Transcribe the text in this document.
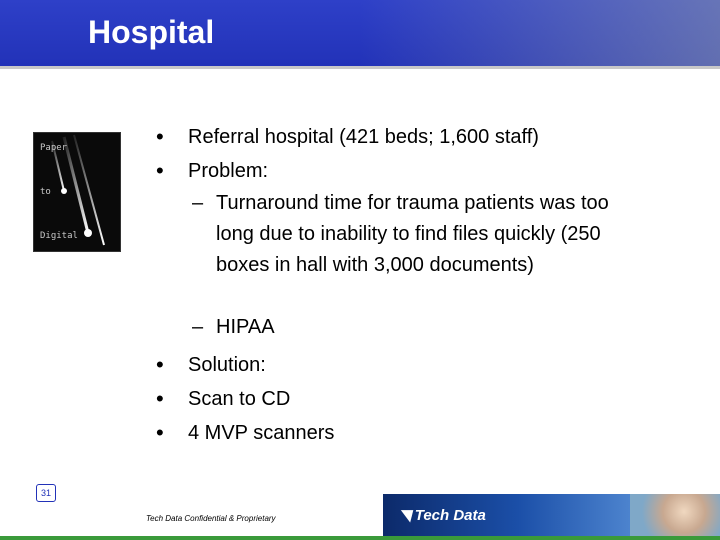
Hospital
Paper
to
Digital
• Referral hospital (421 beds; 1,600 staff)
• Problem:
– Turnaround time for trauma patients was too long due to inability to find files quickly (250 boxes in hall with 3,000 documents)
– HIPAA
• Solution:
• Scan to CD
• 4 MVP scanners
31
Tech Data Confidential & Proprietary	◥ Tech Data
